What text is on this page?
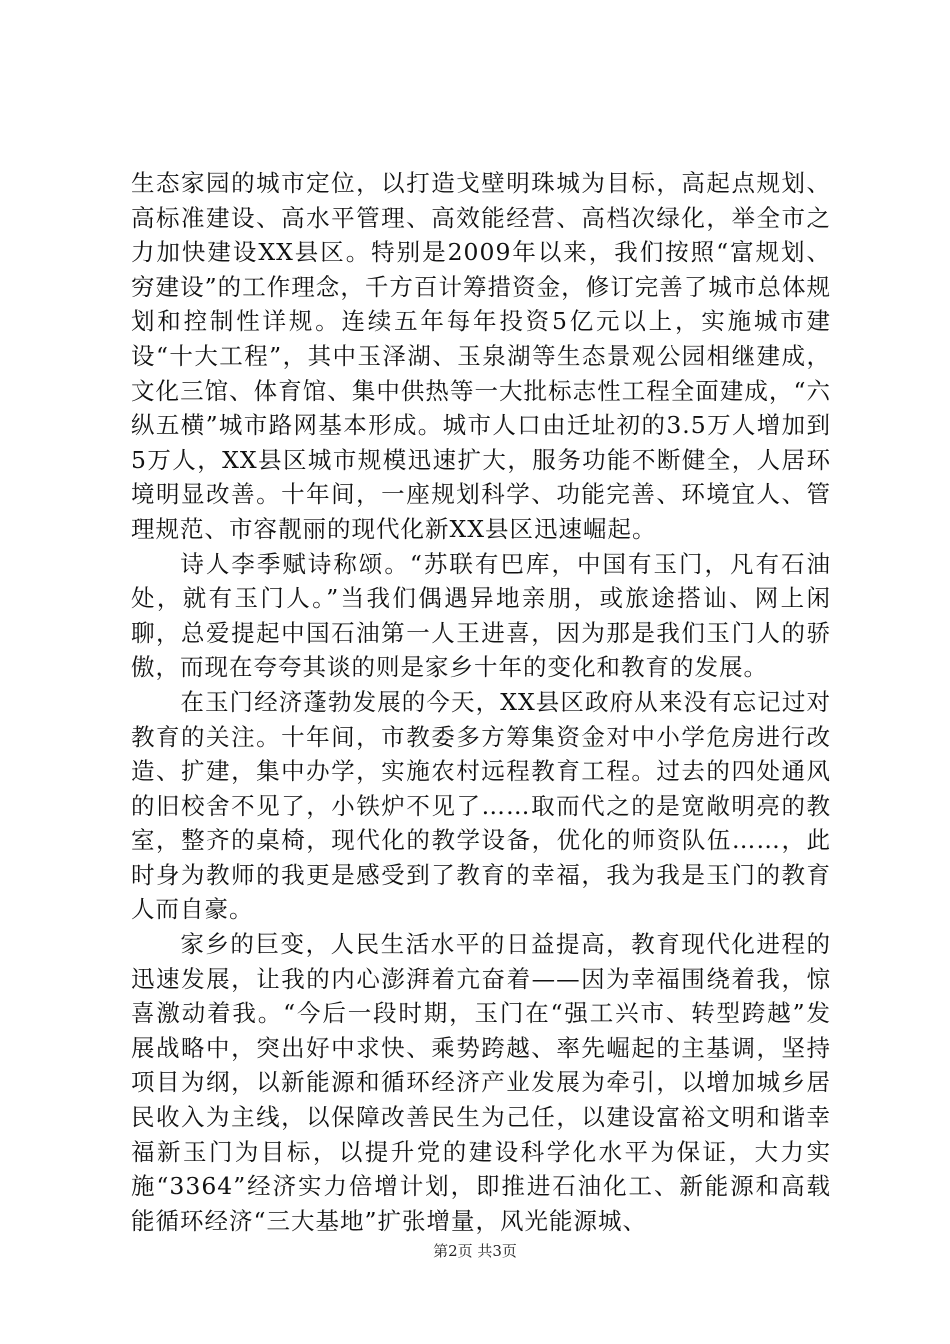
生态家园的城市定位，以打造戈壁明珠城为目标，高起点规划、高标准建设、高水平管理、高效能经营、高档次绿化，举全市之力加快建设XX县区。特别是2009年以来，我们按照“富规划、穷建设”的工作理念，千方百计筹措资金，修订完善了城市总体规划和控制性详规。连续五年每年投资5亿元以上，实施城市建设“十大工程”，其中玉泽湖、玉泉湖等生态景观公园相继建成，文化三馆、体育馆、集中供热等一大批标志性工程全面建成，“六纵五横”城市路网基本形成。城市人口由迁址初的3.5万人增加到5万人，XX县区城市规模迅速扩大，服务功能不断健全，人居环境明显改善。十年间，一座规划科学、功能完善、环境宜人、管理规范、市容靓丽的现代化新XX县区迅速崛起。

诗人李季赋诗称颂。“苏联有巴库，中国有玉门，凡有石油处，就有玉门人。”当我们偶遇异地亲朋，或旅途搭讪、网上闲聊，总爱提起中国石油第一人王进喜，因为那是我们玉门人的骄傲，而现在夸夸其谈的则是家乡十年的变化和教育的发展。

在玉门经济蓬勃发展的今天，XX县区政府从来没有忘记过对教育的关注。十年间，市教委多方筹集资金对中小学危房进行改造、扩建，集中办学，实施农村远程教育工程。过去的四处通风的旧校舍不见了，小铁炉不见了……取而代之的是宽敞明亮的教室，整齐的桌椅，现代化的教学设备，优化的师资队伍……，此时身为教师的我更是感受到了教育的幸福，我为我是玉门的教育人而自豪。

家乡的巨变，人民生活水平的日益提高，教育现代化进程的迅速发展，让我的内心澎湃着亢奋着——因为幸福围绕着我，惊喜激动着我。“今后一段时期，玉门在“强工兴市、转型跨越”发展战略中，突出好中求快、乘势跨越、率先崛起的主基调，坚持项目为纲，以新能源和循环经济产业发展为牵引，以增加城乡居民收入为主线，以保障改善民生为己任，以建设富裕文明和谐幸福新玉门为目标，以提升党的建设科学化水平为保证，大力实施“3364”经济实力倍增计划，即推进石油化工、新能源和高载能循环经济“三大基地”扩张增量，风光能源城、

第2页 共3页
